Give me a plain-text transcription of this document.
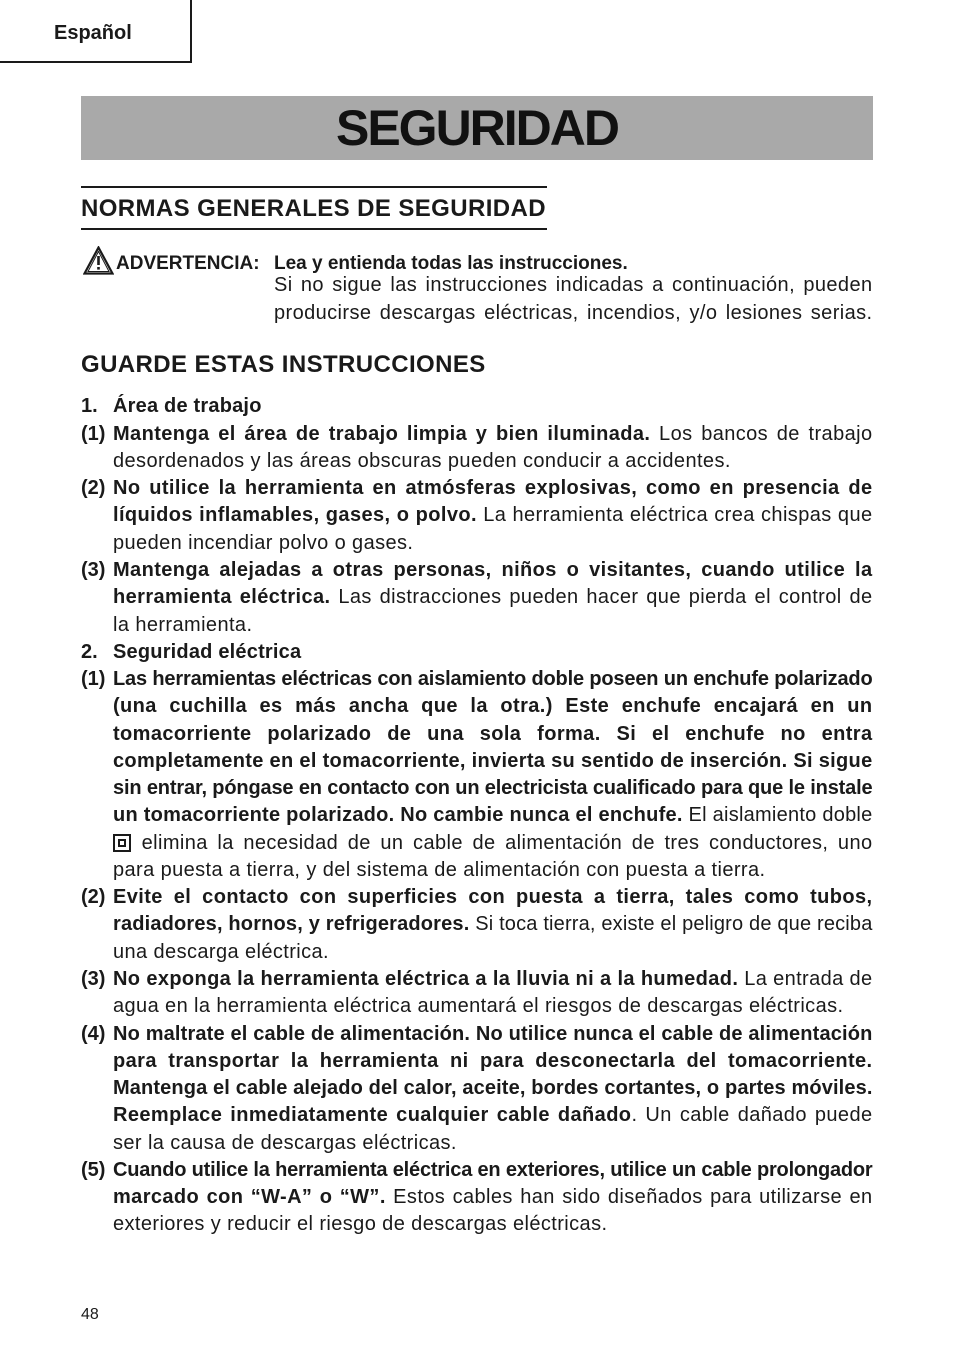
Español
SEGURIDAD
NORMAS GENERALES DE SEGURIDAD
ADVERTENCIA: Lea y entienda todas las instrucciones.
Si no sigue las instrucciones indicadas a continuación, pueden
producirse descargas eléctricas, incendios, y/o lesiones serias.
GUARDE ESTAS INSTRUCCIONES
1. Área de trabajo
(1) Mantenga el área de trabajo limpia y bien iluminada. Los bancos de trabajo
desordenados y las áreas obscuras pueden conducir a accidentes.
(2) No utilice la herramienta en atmósferas explosivas, como en presencia de
líquidos inflamables, gases, o polvo. La herramienta eléctrica crea chispas que
pueden incendiar polvo o gases.
(3) Mantenga alejadas a otras personas, niños o visitantes, cuando utilice la
herramienta eléctrica. Las distracciones pueden hacer que pierda el control de
la herramienta.
2. Seguridad eléctrica
(1) Las herramientas eléctricas con aislamiento doble poseen un enchufe polarizado
(una cuchilla es más ancha que la otra.) Este enchufe encajará en un
tomacorriente polarizado de una sola forma. Si el enchufe no entra
completamente en el tomacorriente, invierta su sentido de inserción. Si sigue
sin entrar, póngase en contacto con un electricista cualificado para que le instale
un tomacorriente polarizado. No cambie nunca el enchufe. El aislamiento doble
elimina la necesidad de un cable de alimentación de tres conductores, uno
para puesta a tierra, y del sistema de alimentación con puesta a tierra.
(2) Evite el contacto con superficies con puesta a tierra, tales como tubos,
radiadores, hornos, y refrigeradores. Si toca tierra, existe el peligro de que reciba
una descarga eléctrica.
(3) No exponga la herramienta eléctrica a la lluvia ni a la humedad. La entrada de
agua en la herramienta eléctrica aumentará el riesgos de descargas eléctricas.
(4) No maltrate el cable de alimentación. No utilice nunca el cable de alimentación
para transportar la herramienta ni para desconectarla del tomacorriente.
Mantenga el cable alejado del calor, aceite, bordes cortantes, o partes móviles.
Reemplace inmediatamente cualquier cable dañado. Un cable dañado puede
ser la causa de descargas eléctricas.
(5) Cuando utilice la herramienta eléctrica en exteriores, utilice un cable prolongador
marcado con “W-A” o “W”. Estos cables han sido diseñados para utilizarse en
exteriores y reducir el riesgo de descargas eléctricas.
48
